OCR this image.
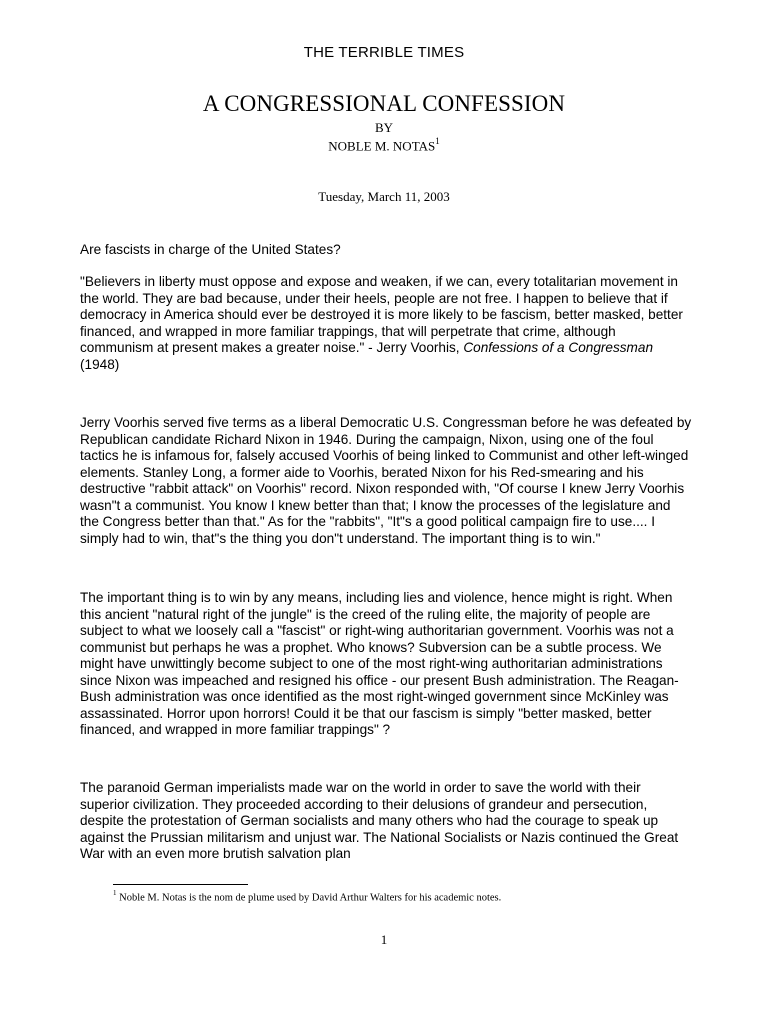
THE TERRIBLE TIMES
A CONGRESSIONAL CONFESSION
BY
NOBLE M. NOTAS$^1$
Tuesday, March 11, 2003

Are fascists in charge of the United States?

"Believers in liberty must oppose and expose and weaken, if we can, every totalitarian movement in the world. They are bad because, under their heels, people are not free. I happen to believe that if democracy in America should ever be destroyed it is more likely to be fascism, better masked, better financed, and wrapped in more familiar trappings, that will perpetrate that crime, although communism at present makes a greater noise." - Jerry Voorhis, Confessions of a Congressman (1948)

Jerry Voorhis served five terms as a liberal Democratic U.S. Congressman before he was defeated by Republican candidate Richard Nixon in 1946. During the campaign, Nixon, using one of the foul tactics he is infamous for, falsely accused Voorhis of being linked to Communist and other left-winged elements. Stanley Long, a former aide to Voorhis, berated Nixon for his Red-smearing and his destructive "rabbit attack" on Voorhis" record. Nixon responded with, "Of course I knew Jerry Voorhis wasn"t a communist. You know I knew better than that; I know the processes of the legislature and the Congress better than that." As for the "rabbits", "It"s a good political campaign fire to use.... I simply had to win, that"s the thing you don"t understand. The important thing is to win."

The important thing is to win by any means, including lies and violence, hence might is right. When this ancient "natural right of the jungle" is the creed of the ruling elite, the majority of people are subject to what we loosely call a "fascist" or right-wing authoritarian government. Voorhis was not a communist but perhaps he was a prophet. Who knows? Subversion can be a subtle process. We might have unwittingly become subject to one of the most right-wing authoritarian administrations since Nixon was impeached and resigned his office - our present Bush administration. The Reagan-Bush administration was once identified as the most right-winged government since McKinley was assassinated. Horror upon horrors! Could it be that our fascism is simply "better masked, better financed, and wrapped in more familiar trappings" ?

The paranoid German imperialists made war on the world in order to save the world with their superior civilization. They proceeded according to their delusions of grandeur and persecution, despite the protestation of German socialists and many others who had the courage to speak up against the Prussian militarism and unjust war. The National Socialists or Nazis continued the Great War with an even more brutish salvation plan

$^1$ Noble M. Notas is the nom de plume used by David Arthur Walters for his academic notes.

1
